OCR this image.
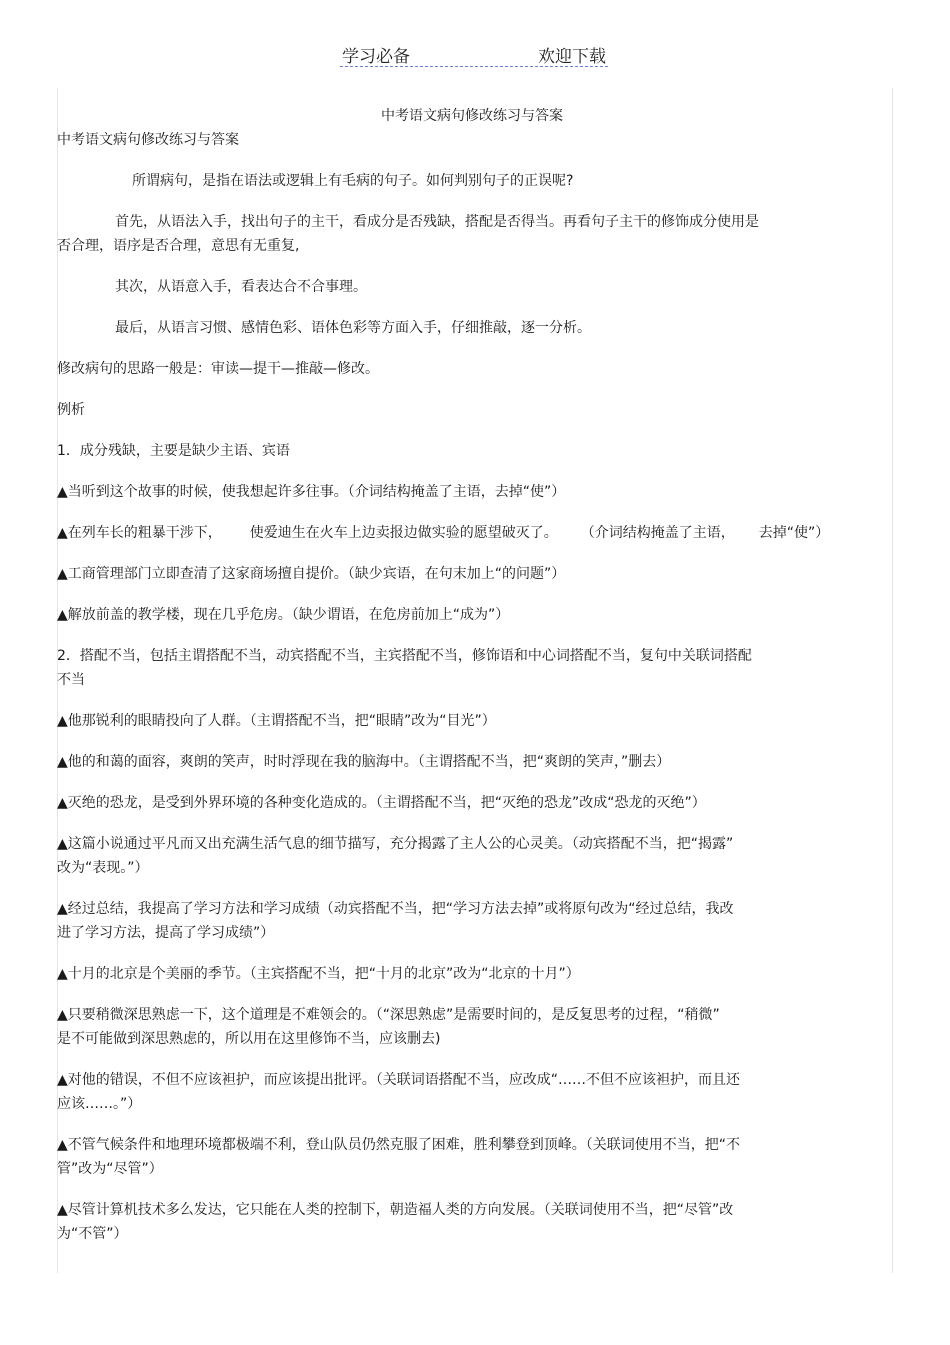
学习必备	欢迎下载

中考语文病句修改练习与答案

中考语文病句修改练习与答案

所谓病句，是指在语法或逻辑上有毛病的句子。如何判别句子的正误呢?

首先，从语法入手，找出句子的主干，看成分是否残缺，搭配是否得当。再看句子主干的修饰成分使用是

否合理，语序是否合理，意思有无重复,

其次，从语意入手，看表达合不合事理。

最后，从语言习惯、感情色彩、语体色彩等方面入手，仔细推敲，逐一分析。

修改病句的思路一般是：审读—提干—推敲—修改。

例析

1．成分残缺，主要是缺少主语、宾语

▲当听到这个故事的时候，使我想起许多往事。（介词结构掩盖了主语，去掉“使”）

▲在列车长的粗暴干涉下， 使爱迪生在火车上边卖报边做实验的愿望破灭了。 （介词结构掩盖了主语， 去掉“使”）

▲工商管理部门立即查清了这家商场擅自提价。（缺少宾语，在句末加上“的问题”）

▲解放前盖的教学楼，现在几乎危房。（缺少谓语，在危房前加上“成为”）

2．搭配不当，包括主谓搭配不当，动宾搭配不当，主宾搭配不当，修饰语和中心词搭配不当，复句中关联词搭配

不当

▲他那锐利的眼睛投向了人群。（主谓搭配不当，把“眼睛”改为“目光”）

▲他的和蔼的面容，爽朗的笑声，时时浮现在我的脑海中。（主谓搭配不当，把“爽朗的笑声，”删去）

▲灭绝的恐龙，是受到外界环境的各种变化造成的。（主谓搭配不当，把“灭绝的恐龙”改成“恐龙的灭绝”）

▲这篇小说通过平凡而又出充满生活气息的细节描写，充分揭露了主人公的心灵美。（动宾搭配不当，把“揭露”

改为“表现。”）

▲经过总结，我提高了学习方法和学习成绩（动宾搭配不当，把“学习方法去掉”或将原句改为“经过总结，我改

进了学习方法，提高了学习成绩”）

▲十月的北京是个美丽的季节。（主宾搭配不当，把“十月的北京”改为“北京的十月”）

▲只要稍微深思熟虑一下，这个道理是不难领会的。（“深思熟虑”是需要时间的，是反复思考的过程，“稍微”

是不可能做到深思熟虑的，所以用在这里修饰不当，应该删去)

▲对他的错误，不但不应该袒护，而应该提出批评。（关联词语搭配不当，应改成“……不但不应该袒护，而且还

应该……。”）

▲不管气候条件和地理环境都极端不利，登山队员仍然克服了困难，胜利攀登到顶峰。（关联词使用不当，把“不

管”改为“尽管”）

▲尽管计算机技术多么发达，它只能在人类的控制下，朝造福人类的方向发展。（关联词使用不当，把“尽管”改

为“不管”）
